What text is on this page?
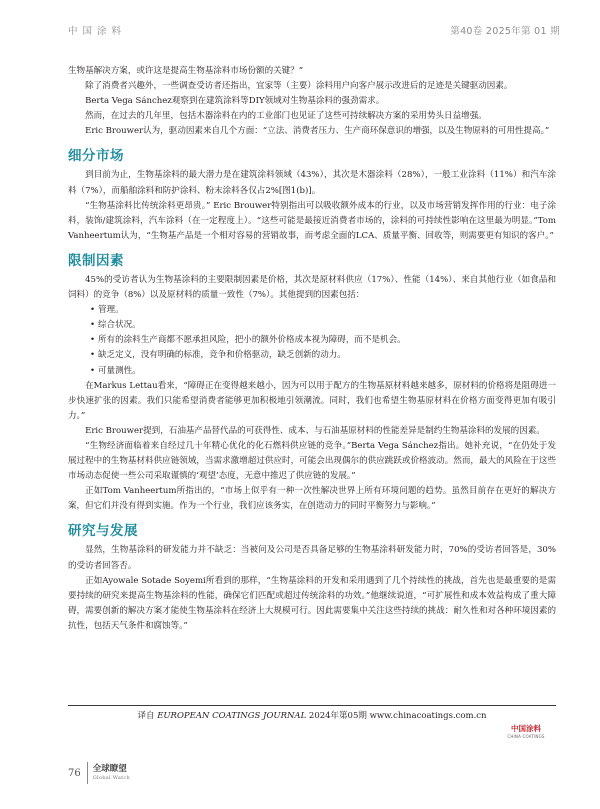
中 国 涂 料	第40卷 2025年第 01 期

生物基解决方案，或许这是提高生物基涂料市场份额的关键？”

除了消费者兴趣外，一些调查受访者还指出，宜家等（主要）涂料用户向客户展示改进后的足迹是关键驱动因素。

Berta Vega Sánchez观察到在建筑涂料等DIY领域对生物基涂料的强劲需求。

然而，在过去的几年里，包括木器涂料在内的工业部门也见证了这些可持续解决方案的采用势头日益增强。

Eric Brouwer认为，驱动因素来自几个方面：“立法、消费者压力、生产商环保意识的增强，以及生物原料的可用性提高。”

细分市场

到目前为止，生物基涂料的最大潜力是在建筑涂料领域（43%），其次是木器涂料（28%），一般工业涂料（11%）和汽车涂料（7%），而船舶涂料和防护涂料、粉末涂料各仅占2%[图1(b)]。

“生物基涂料比传统涂料更昂贵。” Eric Brouwer特别指出可以吸收额外成本的行业，以及市场营销发挥作用的行业：电子涂料，装饰/建筑涂料，汽车涂料（在一定程度上）。“这些可能是最接近消费者市场的，涂料的可持续性影响在这里最为明显。”Tom Vanheertum认为，“生物基产品是一个相对容易的营销故事，而考虑全面的LCA、质量平衡、回收等，则需要更有知识的客户。”

限制因素

45%的受访者认为生物基涂料的主要限制因素是价格，其次是原材料供应（17%）、性能（14%）、来自其他行业（如食品和饲料）的竞争（8%）以及原材料的质量一致性（7%）。其他提到的因素包括：

• 管理。
• 综合状况。
• 所有的涂料生产商都不愿承担风险，把小的额外价格成本视为障碍，而不是机会。
• 缺乏定义，没有明确的标准，竞争和价格驱动，缺乏创新的动力。
• 可量测性。

在Markus Lettau看来，“障碍正在变得越来越小，因为可以用于配方的生物基原材料越来越多，原材料的价格将是阻碍进一步快速扩张的因素。我们只能希望消费者能够更加积极地引领潮流。同时，我们也希望生物基原材料在价格方面变得更加有吸引力。”

Eric Brouwer提到，石油基产品替代品的可获得性、成本、与石油基原材料的性能差异是制约生物基涂料的发展的因素。

“生物经济面临着来自经过几十年精心优化的化石燃料供应链的竞争。”Berta Vega Sánchez指出。她补充说，“在仍处于发展过程中的生物基材料供应链领域，当需求激增超过供应时，可能会出现偶尔的供应跳跃或价格波动。然而，最大的风险在于这些市场动态促使一些公司采取谨慎的‘观望’态度，无意中推迟了供应链的发展。”

正如Tom Vanheertum所指出的，“市场上似乎有一种一次性解决世界上所有环境问题的趋势。虽然目前存在更好的解决方案，但它们并没有得到实施。作为一个行业，我们应该务实，在创造动力的同时平衡努力与影响。”

研究与发展

显然，生物基涂料的研发能力并不缺乏：当被问及公司是否具备足够的生物基涂料研发能力时，70%的受访者回答是，30%的受访者回答否。

正如Ayowale Sotade Soyemi所看到的那样，“生物基涂料的开发和采用遇到了几个持续性的挑战，首先也是最重要的是需要持续的研究来提高生物基涂料的性能，确保它们匹配或超过传统涂料的功效。”他继续说道，“可扩展性和成本效益构成了重大障碍，需要创新的解决方案才能使生物基涂料在经济上大规模可行。因此需要集中关注这些持续的挑战：耐久性和对各种环境因素的抗性，包括天气条件和腐蚀等。”

译自 EUROPEAN COATINGS JOURNAL 2024年第05期 www.chinacoatings.com.cn
中国涂料
CHINA COATINGS
76 全球瞭望
Global Watch
